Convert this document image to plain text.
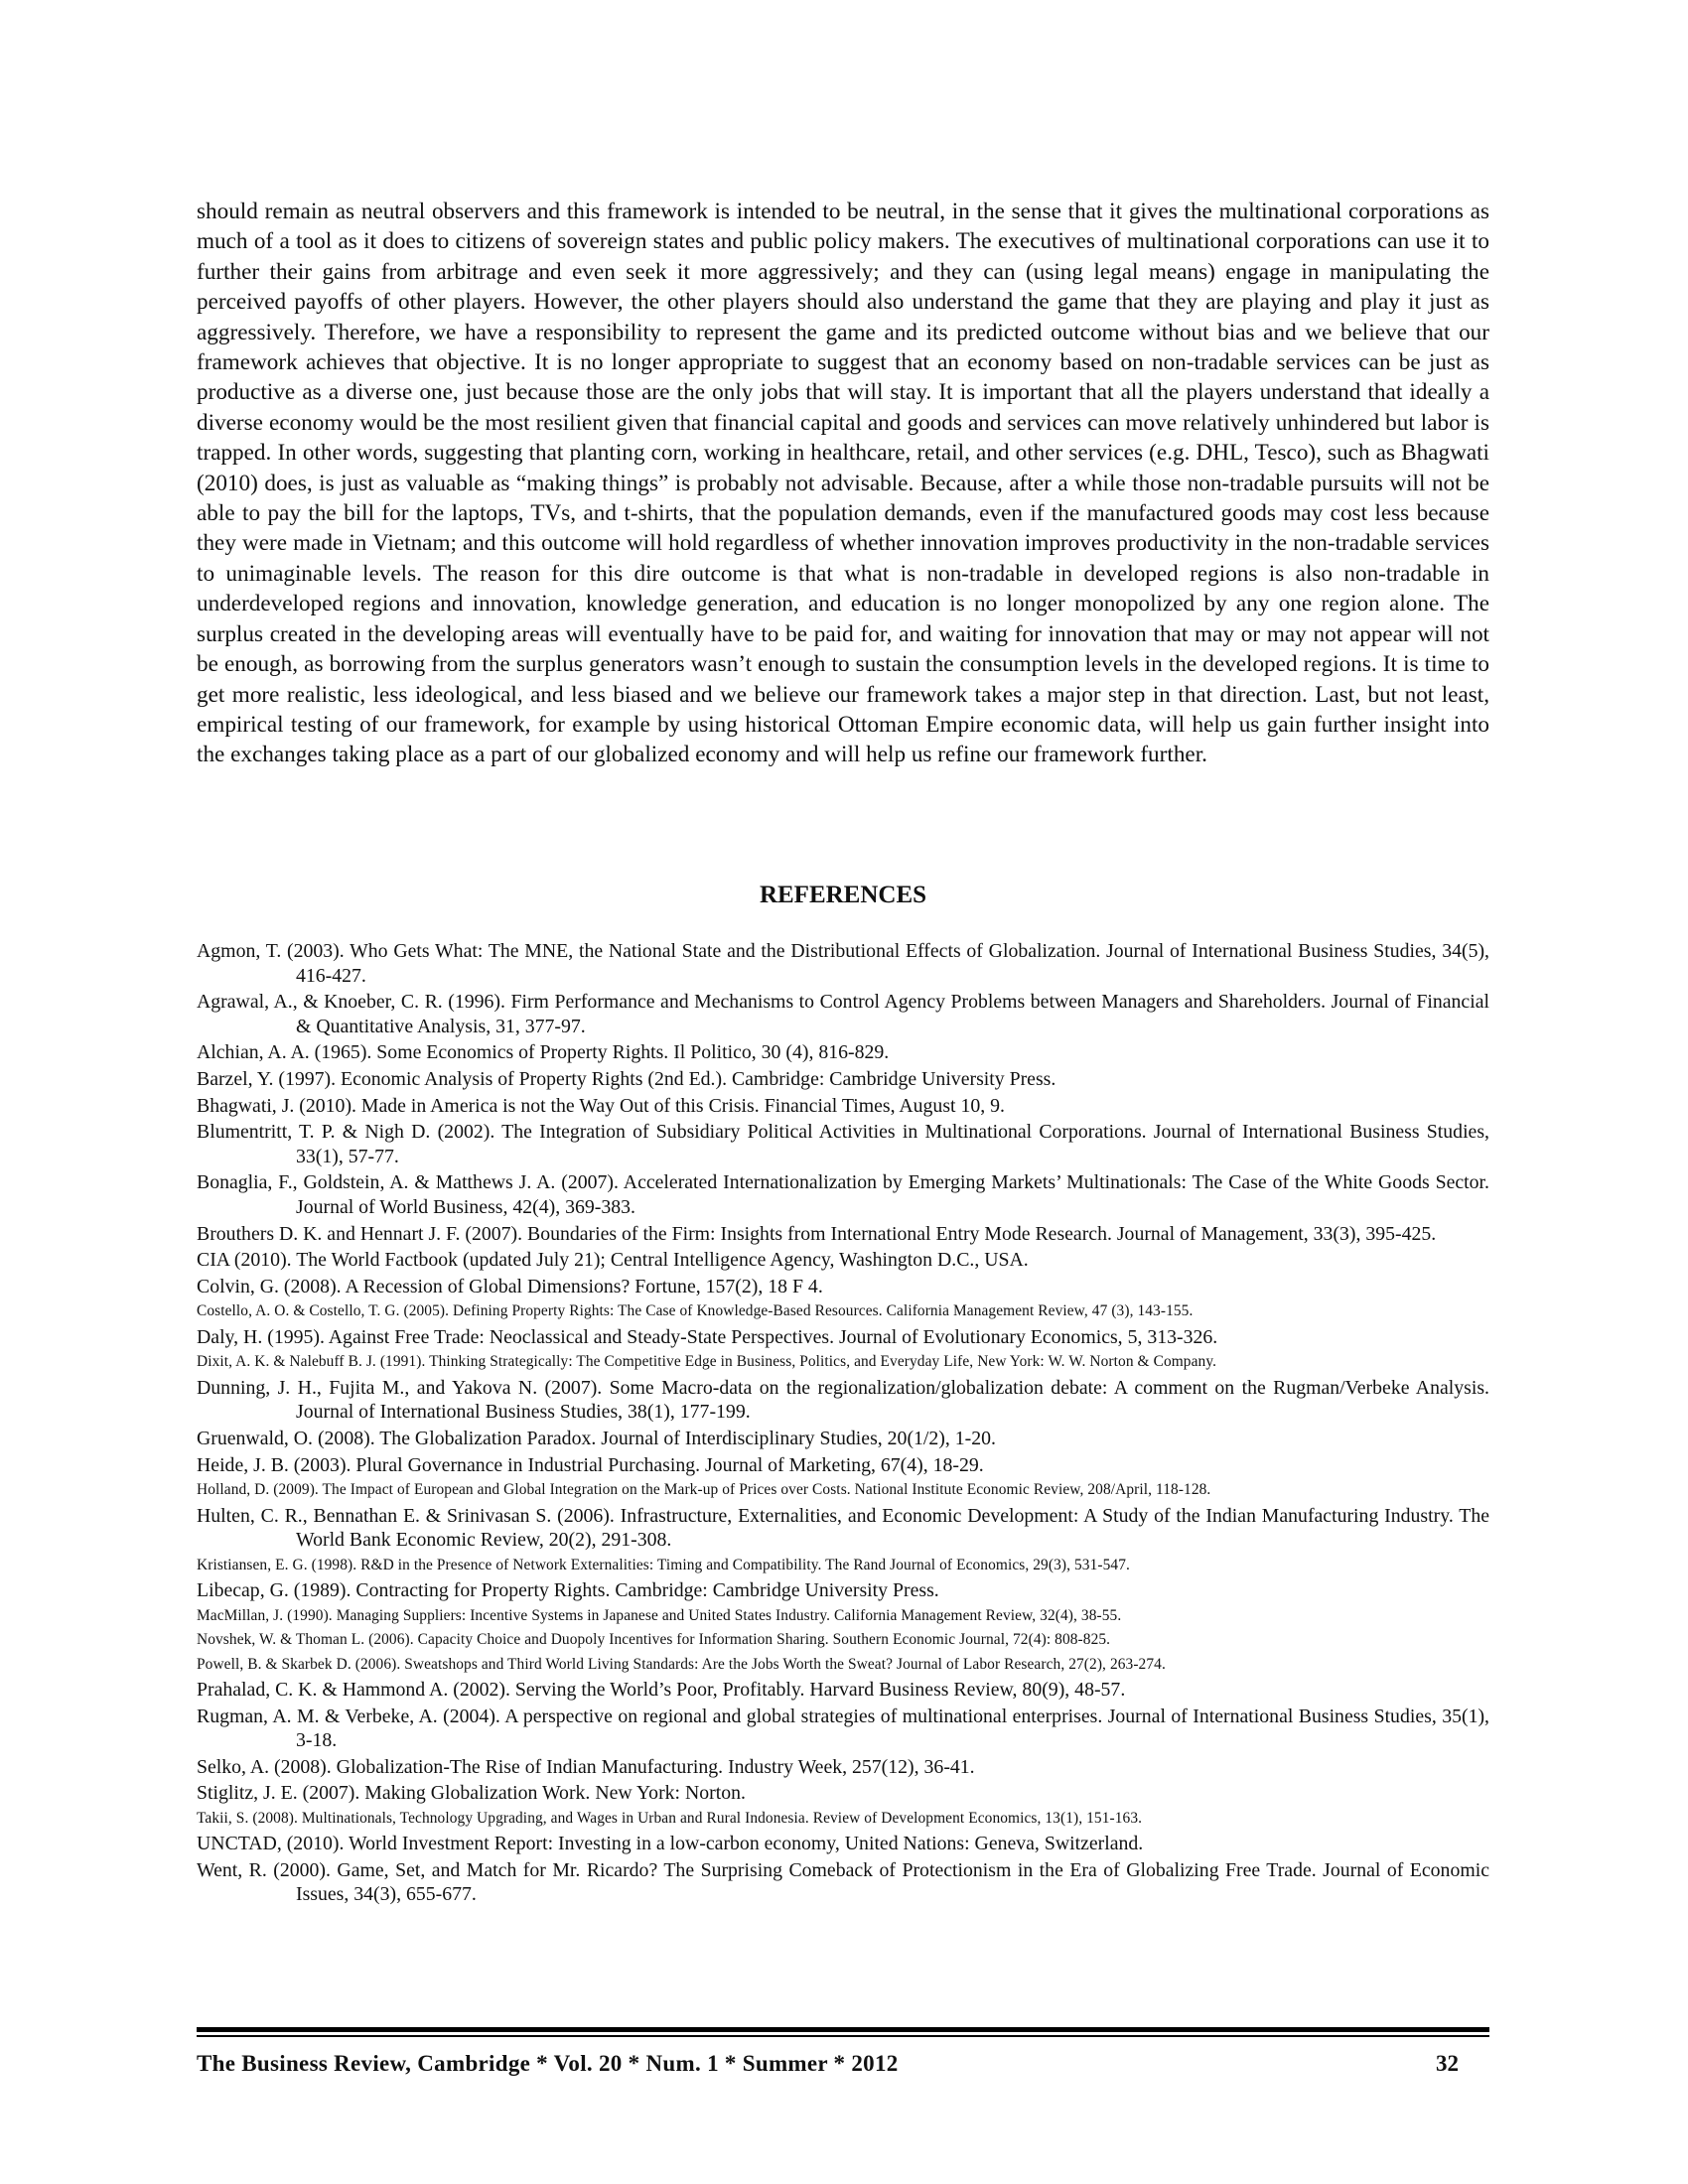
should remain as neutral observers and this framework is intended to be neutral, in the sense that it gives the multinational corporations as much of a tool as it does to citizens of sovereign states and public policy makers. The executives of multinational corporations can use it to further their gains from arbitrage and even seek it more aggressively; and they can (using legal means) engage in manipulating the perceived payoffs of other players. However, the other players should also understand the game that they are playing and play it just as aggressively. Therefore, we have a responsibility to represent the game and its predicted outcome without bias and we believe that our framework achieves that objective. It is no longer appropriate to suggest that an economy based on non-tradable services can be just as productive as a diverse one, just because those are the only jobs that will stay. It is important that all the players understand that ideally a diverse economy would be the most resilient given that financial capital and goods and services can move relatively unhindered but labor is trapped. In other words, suggesting that planting corn, working in healthcare, retail, and other services (e.g. DHL, Tesco), such as Bhagwati (2010) does, is just as valuable as “making things” is probably not advisable. Because, after a while those non-tradable pursuits will not be able to pay the bill for the laptops, TVs, and t-shirts, that the population demands, even if the manufactured goods may cost less because they were made in Vietnam; and this outcome will hold regardless of whether innovation improves productivity in the non-tradable services to unimaginable levels. The reason for this dire outcome is that what is non-tradable in developed regions is also non-tradable in underdeveloped regions and innovation, knowledge generation, and education is no longer monopolized by any one region alone. The surplus created in the developing areas will eventually have to be paid for, and waiting for innovation that may or may not appear will not be enough, as borrowing from the surplus generators wasn’t enough to sustain the consumption levels in the developed regions. It is time to get more realistic, less ideological, and less biased and we believe our framework takes a major step in that direction. Last, but not least, empirical testing of our framework, for example by using historical Ottoman Empire economic data, will help us gain further insight into the exchanges taking place as a part of our globalized economy and will help us refine our framework further.

REFERENCES
Agmon, T. (2003). Who Gets What: The MNE, the National State and the Distributional Effects of Globalization. Journal of International Business Studies, 34(5), 416-427.
Agrawal, A., & Knoeber, C. R. (1996). Firm Performance and Mechanisms to Control Agency Problems between Managers and Shareholders. Journal of Financial & Quantitative Analysis, 31, 377-97.
Alchian, A. A. (1965). Some Economics of Property Rights. Il Politico, 30 (4), 816-829.
Barzel, Y. (1997). Economic Analysis of Property Rights (2nd Ed.). Cambridge: Cambridge University Press.
Bhagwati, J. (2010). Made in America is not the Way Out of this Crisis. Financial Times, August 10, 9.
Blumentritt, T. P. & Nigh D. (2002). The Integration of Subsidiary Political Activities in Multinational Corporations. Journal of International Business Studies, 33(1), 57-77.
Bonaglia, F., Goldstein, A. & Matthews J. A. (2007). Accelerated Internationalization by Emerging Markets’ Multinationals: The Case of the White Goods Sector. Journal of World Business, 42(4), 369-383.
Brouthers D. K. and Hennart J. F. (2007). Boundaries of the Firm: Insights from International Entry Mode Research. Journal of Management, 33(3), 395-425.
CIA (2010). The World Factbook (updated July 21); Central Intelligence Agency, Washington D.C., USA.
Colvin, G. (2008). A Recession of Global Dimensions? Fortune, 157(2), 18 F 4.
Costello, A. O. & Costello, T. G. (2005). Defining Property Rights: The Case of Knowledge-Based Resources. California Management Review, 47 (3), 143-155.
Daly, H. (1995). Against Free Trade: Neoclassical and Steady-State Perspectives. Journal of Evolutionary Economics, 5, 313-326.
Dixit, A. K. & Nalebuff B. J. (1991). Thinking Strategically: The Competitive Edge in Business, Politics, and Everyday Life, New York: W. W. Norton & Company.
Dunning, J. H., Fujita M., and Yakova N. (2007). Some Macro-data on the regionalization/globalization debate: A comment on the Rugman/Verbeke Analysis. Journal of International Business Studies, 38(1), 177-199.
Gruenwald, O. (2008). The Globalization Paradox. Journal of Interdisciplinary Studies, 20(1/2), 1-20.
Heide, J. B. (2003). Plural Governance in Industrial Purchasing. Journal of Marketing, 67(4), 18-29.
Holland, D. (2009). The Impact of European and Global Integration on the Mark-up of Prices over Costs. National Institute Economic Review, 208/April, 118-128.
Hulten, C. R., Bennathan E. & Srinivasan S. (2006). Infrastructure, Externalities, and Economic Development: A Study of the Indian Manufacturing Industry. The World Bank Economic Review, 20(2), 291-308.
Kristiansen, E. G. (1998). R&D in the Presence of Network Externalities: Timing and Compatibility. The Rand Journal of Economics, 29(3), 531-547.
Libecap, G. (1989). Contracting for Property Rights. Cambridge: Cambridge University Press.
MacMillan, J. (1990). Managing Suppliers: Incentive Systems in Japanese and United States Industry. California Management Review, 32(4), 38-55.
Novshek, W. & Thoman L. (2006). Capacity Choice and Duopoly Incentives for Information Sharing. Southern Economic Journal, 72(4): 808-825.
Powell, B. & Skarbek D. (2006). Sweatshops and Third World Living Standards: Are the Jobs Worth the Sweat? Journal of Labor Research, 27(2), 263-274.
Prahalad, C. K. & Hammond A. (2002). Serving the World’s Poor, Profitably. Harvard Business Review, 80(9), 48-57.
Rugman, A. M. & Verbeke, A. (2004). A perspective on regional and global strategies of multinational enterprises. Journal of International Business Studies, 35(1), 3-18.
Selko, A. (2008). Globalization-The Rise of Indian Manufacturing. Industry Week, 257(12), 36-41.
Stiglitz, J. E. (2007). Making Globalization Work. New York: Norton.
Takii, S. (2008). Multinationals, Technology Upgrading, and Wages in Urban and Rural Indonesia. Review of Development Economics, 13(1), 151-163.
UNCTAD, (2010). World Investment Report: Investing in a low-carbon economy, United Nations: Geneva, Switzerland.
Went, R. (2000). Game, Set, and Match for Mr. Ricardo? The Surprising Comeback of Protectionism in the Era of Globalizing Free Trade. Journal of Economic Issues, 34(3), 655-677.

The Business Review, Cambridge * Vol. 20 * Num. 1 * Summer * 2012	32
